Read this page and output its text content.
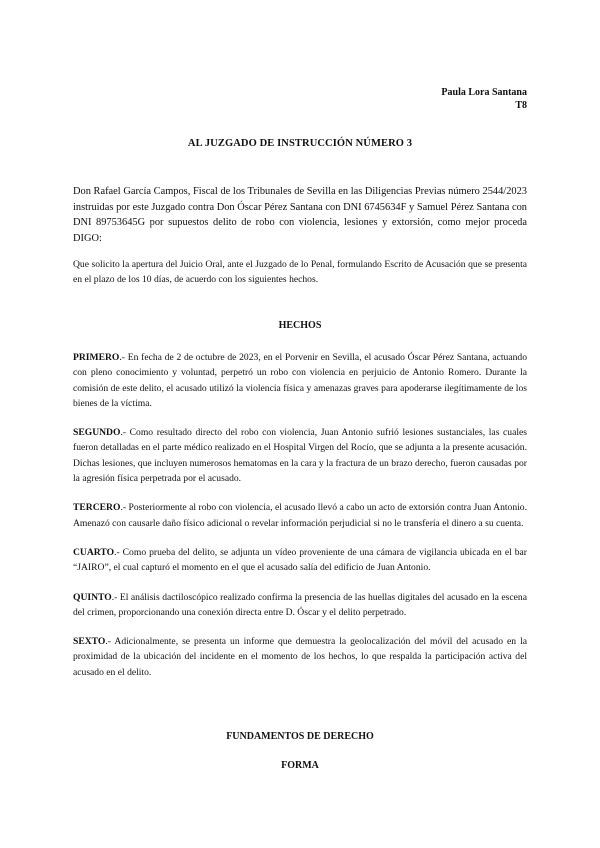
Paula Lora Santana
T8
AL JUZGADO DE INSTRUCCIÓN NÚMERO 3

Don Rafael García Campos, Fiscal de los Tribunales de Sevilla en las Diligencias Previas número 2544/2023 instruidas por este Juzgado contra Don Óscar Pérez Santana con DNI 6745634F y Samuel Pérez Santana con DNI 89753645G por supuestos delito de robo con violencia, lesiones y extorsión, como mejor proceda DIGO:

Que solicito la apertura del Juicio Oral, ante el Juzgado de lo Penal, formulando Escrito de Acusación que se presenta en el plazo de los 10 días, de acuerdo con los siguientes hechos.

HECHOS

PRIMERO.- En fecha de 2 de octubre de 2023, en el Porvenir en Sevilla, el acusado Óscar Pérez Santana, actuando con pleno conocimiento y voluntad, perpetró un robo con violencia en perjuicio de Antonio Romero. Durante la comisión de este delito, el acusado utilizó la violencia física y amenazas graves para apoderarse ilegítimamente de los bienes de la víctima.

SEGUNDO.- Como resultado directo del robo con violencia, Juan Antonio sufrió lesiones sustanciales, las cuales fueron detalladas en el parte médico realizado en el Hospital Virgen del Rocío, que se adjunta a la presente acusación. Dichas lesiones, que incluyen numerosos hematomas en la cara y la fractura de un brazo derecho, fueron causadas por la agresión física perpetrada por el acusado.

TERCERO.- Posteriormente al robo con violencia, el acusado llevó a cabo un acto de extorsión contra Juan Antonio. Amenazó con causarle daño físico adicional o revelar información perjudicial si no le transfería el dinero a su cuenta.

CUARTO.- Como prueba del delito, se adjunta un vídeo proveniente de una cámara de vigilancia ubicada en el bar “JAIRO”, el cual capturó el momento en el que el acusado salía del edificio de Juan Antonio.

QUINTO.- El análisis dactiloscópico realizado confirma la presencia de las huellas digitales del acusado en la escena del crimen, proporcionando una conexión directa entre D. Óscar y el delito perpetrado.

SEXTO.- Adicionalmente, se presenta un informe que demuestra la geolocalización del móvil del acusado en la proximidad de la ubicación del incidente en el momento de los hechos, lo que respalda la participación activa del acusado en el delito.

FUNDAMENTOS DE DERECHO
FORMA
